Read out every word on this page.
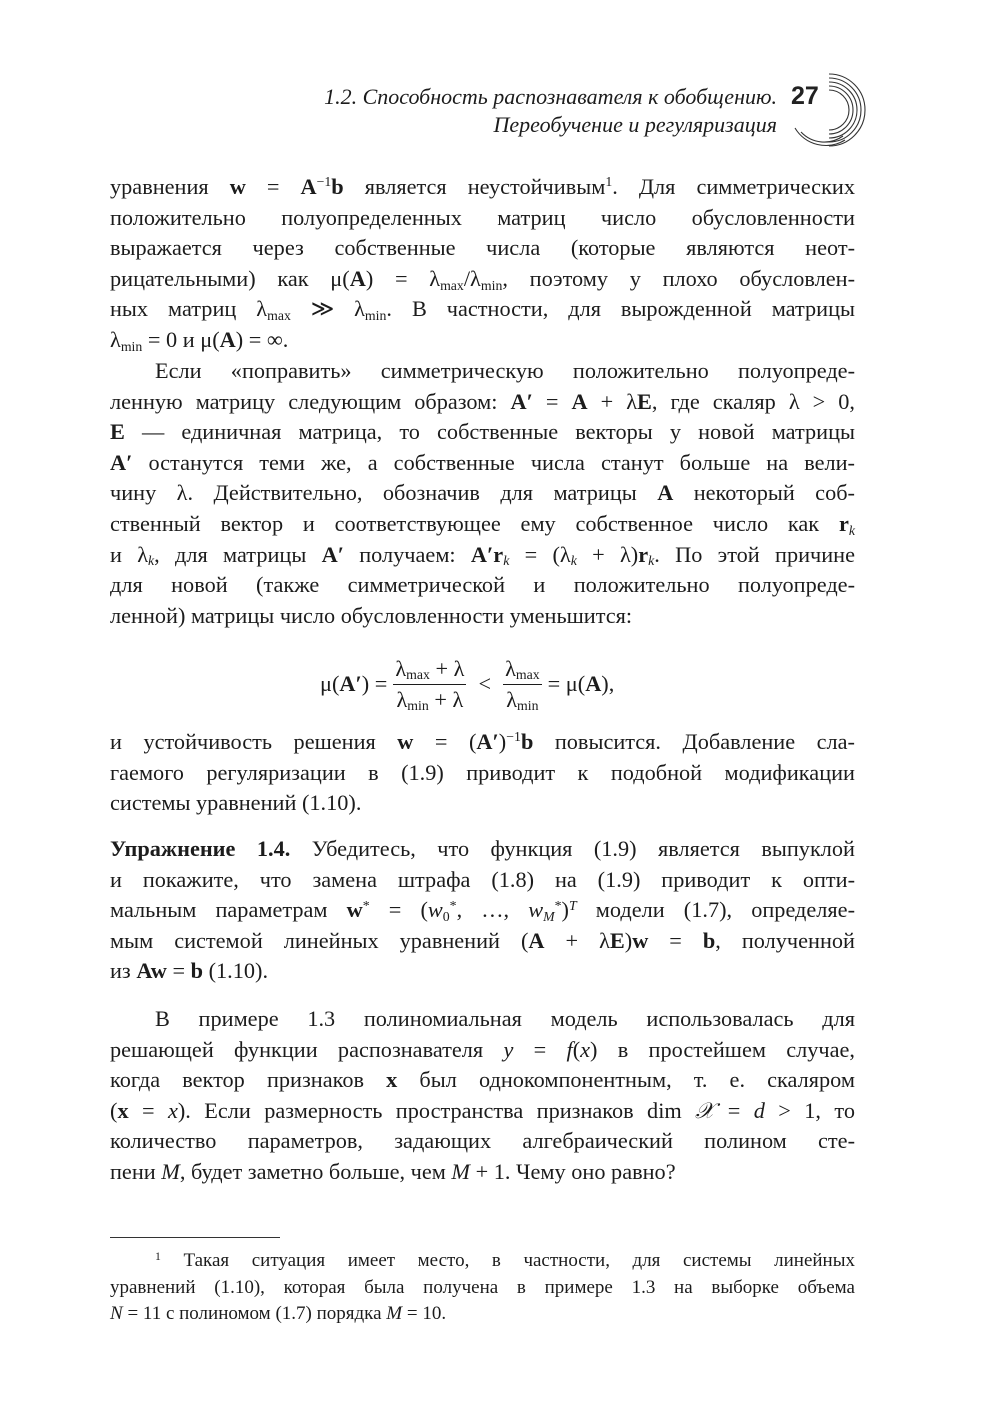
1.2. Способность распознавателя к обобщению.
Переобучение и регуляризация
27
уравнения $w = A^{-1}b$ является неустойчивым$^1$. Для симметрических
положительно полуопределенных матриц число обусловленности
выражается через собственные числа (которые являются неот-
рицательными) как $\mu(A) = \lambda_{max}/\lambda_{min}$, поэтому у плохо обусловлен-
ных матриц $\lambda_{max}$ ≫ $\lambda_{min}$. В частности, для вырожденной матрицы
$\lambda_{min} = 0$ и μ(A) = ∞.
Если «поправить» симметрическую положительно полуопреде-
ленную матрицу следующим образом: A′ = A + λE, где скаляр λ > 0,
E — единичная матрица, то собственные векторы у новой матрицы
A′ останутся теми же, а собственные числа станут больше на вели-
чину λ. Действительно, обозначив для матрицы A некоторый соб-
ственный вектор и соответствующее ему собственное число как $r_k$
и $\lambda_k$, для матрицы A′ получаем: $A'r_k = (\lambda_k + \lambda)r_k$. По этой причине
для новой (также симметрической и положительно полуопреде-
ленной) матрицы число обусловленности уменьшится:
$\mu(A') = \frac{\lambda_{max} + \lambda}{\lambda_{min} + \lambda} < \frac{\lambda_{max}}{\lambda_{min}} = \mu(A)$,
и устойчивость решения $w = (A')^{-1}b$ повысится. Добавление сла-
гаемого регуляризации в (1.9) приводит к подобной модификации
системы уравнений (1.10).
Упражнение 1.4. Убедитесь, что функция (1.9) является выпуклой
и покажите, что замена штрафа (1.8) на (1.9) приводит к опти-
мальным параметрам $w^* = (w_0^*$, …, $w_M^*)^T$ модели (1.7), определяе-
мым системой линейных уравнений (A + λE)w = b, полученной
из Aw = b (1.10).
В примере 1.3 полиномиальная модель использовалась для
решающей функции распознавателя y = f(x) в простейшем случае,
когда вектор признаков x был однокомпонентным, т. е. скаляром
(x = x). Если размерность пространства признаков dim 𝒳 = d > 1, то
количество параметров, задающих алгебраический полином сте-
пени M, будет заметно больше, чем M + 1. Чему оно равно?
$^1$ Такая ситуация имеет место, в частности, для системы линейных
уравнений (1.10), которая была получена в примере 1.3 на выборке объема
N = 11 с полиномом (1.7) порядка M = 10.
